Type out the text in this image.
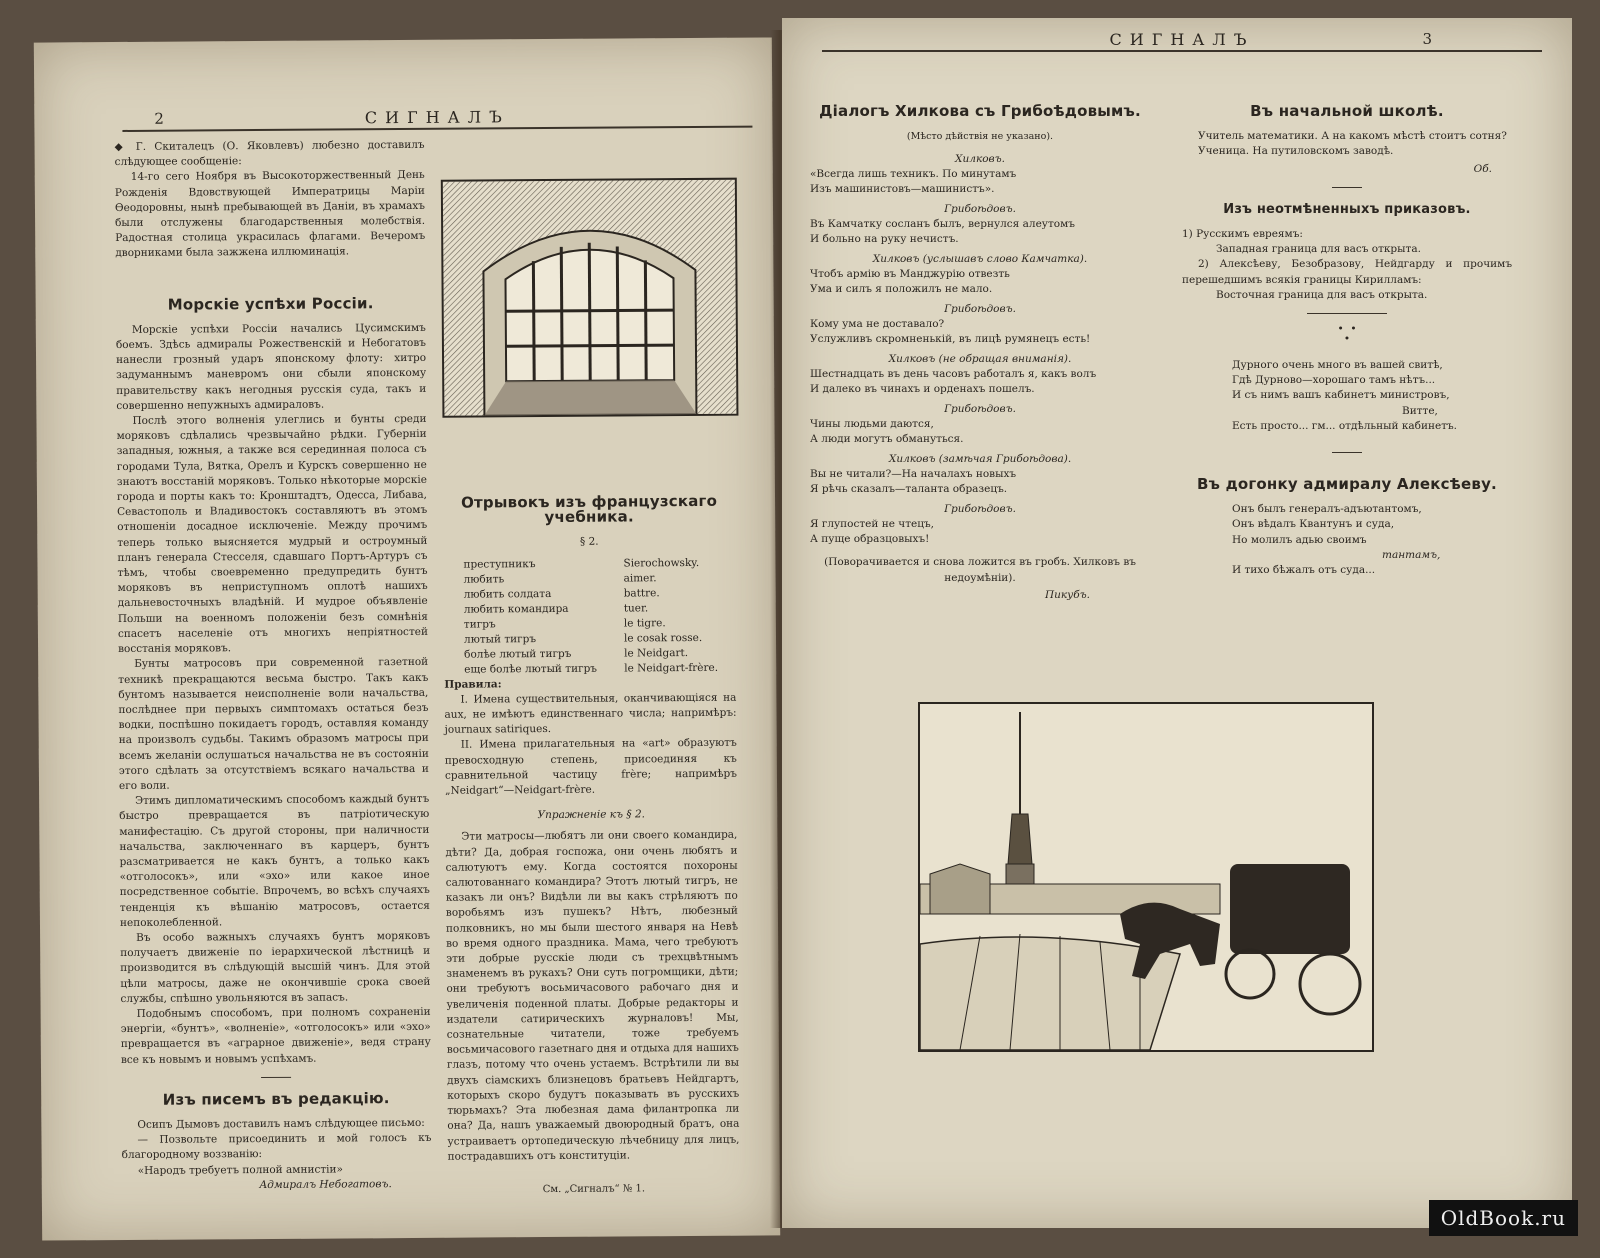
2	СИГНАЛЪ

◆ Г. Скиталецъ (О. Яковлевъ) любезно доставилъ слѣдующее сообщеніе:

14-го сего Ноября въ Высокоторжественный День Рожденія Вдовствующей Императрицы Маріи Ѳеодоровны, нынѣ пребывающей въ Даніи, въ храмахъ были отслужены благодарственныя молебствія. Радостная столица украсилась флагами. Вечеромъ дворниками была зажжена иллюминація.

Морскіе успѣхи Россіи.

Морскіе успѣхи Россіи начались Цусимскимъ боемъ. Здѣсь адмиралы Рожественскій и Небогатовъ нанесли грозный ударъ японскому флоту: хитро задуманнымъ маневромъ они сбыли японскому правительству какъ негодныя русскія суда, такъ и совершенно непужныхъ адмираловъ.

Послѣ этого волненія улеглись и бунты среди моряковъ сдѣлались чрезвычайно рѣдки. Губерніи западныя, южныя, а также вся серединная полоса съ городами Тула, Вятка, Орелъ и Курскъ совершенно не знаютъ восстаній моряковъ. Только нѣкоторые морскіе города и порты какъ то: Кронштадтъ, Одесса, Либава, Севастополь и Владивостокъ составляютъ въ этомъ отношеніи досадное исключеніе. Между прочимъ теперь только выясняется мудрый и остроумный планъ генерала Стесселя, сдавшаго Портъ-Артуръ съ тѣмъ, чтобы своевременно предупредить бунтъ моряковъ въ неприступномъ оплотѣ нашихъ дальневосточныхъ владѣній. И мудрое объявленіе Польши на военномъ положеніи безъ сомнѣнія спасетъ населеніе отъ многихъ непріятностей восстанія моряковъ.

Бунты матросовъ при современной газетной техникѣ прекращаются весьма быстро. Такъ какъ бунтомъ называется неисполненіе воли начальства, послѣднее при первыхъ симптомахъ остаться безъ водки, поспѣшно покидаетъ городъ, оставляя команду на произволъ судьбы. Такимъ образомъ матросы при всемъ желаніи ослушаться начальства не въ состояніи этого сдѣлать за отсутствіемъ всякаго начальства и его воли.

Этимъ дипломатическимъ способомъ каждый бунтъ быстро превращается въ патріотическую манифестацію. Съ другой стороны, при наличности начальства, заключеннаго въ карцеръ, бунтъ разсматривается не какъ бунтъ, а только какъ «отголосокъ», или «эхо» или какое иное посредственное событіе. Впрочемъ, во всѣхъ случаяхъ тенденція къ вѣшанію матросовъ, остается непоколебленной.

Въ особо важныхъ случаяхъ бунтъ моряковъ получаетъ движеніе по іерархической лѣстницѣ и производится въ слѣдующій высшій чинъ. Для этой цѣли матросы, даже не окончившіе срока своей службы, спѣшно увольняются въ запасъ.

Подобнымъ способомъ, при полномъ сохраненіи энергіи, «бунтъ», «волненіе», «отголосокъ» или «эхо» превращается въ «аграрное движеніе», ведя страну все къ новымъ и новымъ успѣхамъ.

Изъ писемъ въ редакцію.

Осипъ Дымовъ доставилъ намъ слѣдующее письмо:

— Позвольте присоединить и мой голосъ къ благородному воззванію:

«Народъ требуетъ полной амнистіи»

Адмиралъ Небогатовъ.
Отрывокъ изъ французскаго учебника.
§ 2.
преступникъ	Sierochowsky.
любить	aimer.
любить солдата	battre.
любить командира	tuer.
тигръ	le tigre.
лютый тигръ	le cosak rosse.
болѣе лютый тигръ	le Neidgart.
еще болѣе лютый тигръ	le Neidgart-frère.

Правила:

I. Имена существительныя, оканчивающіяся на aux, не имѣютъ единственнаго числа; напримѣръ: journaux satiriques.

II. Имена прилагательныя на «art» образуютъ превосходную степень, присоединяя къ сравнительной частицу frère; напримѣръ „Neidgart“—Neidgart-frère.

Упражненіе къ § 2.

Эти матросы—любятъ ли они своего командира, дѣти? Да, добрая госпожа, они очень любятъ и салютуютъ ему. Когда состоятся похороны салютованнаго командира? Этотъ лютый тигръ, не казакъ ли онъ? Видѣли ли вы какъ стрѣляютъ по воробьямъ изъ пушекъ? Нѣтъ, любезный полковникъ, но мы были шестого января на Невѣ во время одного праздника. Мама, чего требуютъ эти добрые русскіе люди съ трехцвѣтнымъ знаменемъ въ рукахъ? Они суть погромщики, дѣти; они требуютъ восьмичасового рабочаго дня и увеличенія поденной платы. Добрые редакторы и издатели сатирическихъ журналовъ! Мы, сознательные читатели, тоже требуемъ восьмичасового газетнаго дня и отдыха для нашихъ глазъ, потому что очень устаемъ. Встрѣтили ли вы двухъ сіамскихъ близнецовъ братьевъ Нейдгартъ, которыхъ скоро будутъ показывать въ русскихъ тюрьмахъ? Эта любезная дама филантропка ли она? Да, нашъ уважаемый двоюродный братъ, она устраиваетъ ортопедическую лѣчебницу для лицъ, пострадавшихъ отъ конституціи.

См. „Сигналъ“ № 1.
СИГНАЛЪ	3
Діалогъ Хилкова съ Грибоѣдовымъ.
(Мѣсто дѣйствія не указано).
Хилковъ.
«Всегда лишь техникъ. По минутамъ
Изъ машинистовъ—машинистъ».
Грибоѣдовъ.
Въ Камчатку сосланъ былъ, вернулся алеутомъ
И больно на руку нечистъ.
Хилковъ (услышавъ слово Камчатка).
Чтобъ армію въ Манджурію отвезть
Ума и силъ я положилъ не мало.
Грибоѣдовъ.
Кому ума не доставало?
Услужливъ скромненькій, въ лицѣ румянецъ есть!
Хилковъ (не обращая вниманія).
Шестнадцать въ день часовъ работалъ я, какъ волъ
И далеко въ чинахъ и орденахъ пошелъ.
Грибоѣдовъ.
Чины людьми даются,
А люди могутъ обмануться.
Хилковъ (замѣчая Грибоѣдова).
Вы не читали?—На началахъ новыхъ
Я рѣчь сказалъ—таланта образецъ.
Грибоѣдовъ.
Я глупостей не чтецъ,
А пуще образцовыхъ!

(Поворачивается и снова ложится въ гробъ. Хилковъ въ недоумѣніи).

Пикубъ.
Въ начальной школѣ.

Учитель математики. А на какомъ мѣстѣ стоитъ сотня?

Ученица. На путиловскомъ заводѣ.

Об.
Изъ неотмѣненныхъ приказовъ.

1) Русскимъ евреямъ:

Западная граница для васъ открыта.

2) Алексѣеву, Безобразову, Нейдгарду и прочимъ перешедшимъ всякія границы Кирилламъ:

Восточная граница для васъ открыта.

•  •
•
Дурного очень много въ вашей свитѣ,
Гдѣ Дурново—хорошаго тамъ нѣтъ...
И съ нимъ вашъ кабинетъ министровъ,
Витте,
Есть просто... гм... отдѣльный кабинетъ.
Въ догонку адмиралу Алексѣеву.
Онъ былъ генералъ-адъютантомъ,
Онъ вѣдалъ Квантунъ и суда,
Но молилъ адью своимъ
тантамъ,
И тихо бѣжалъ отъ суда...
OldBook.ru
